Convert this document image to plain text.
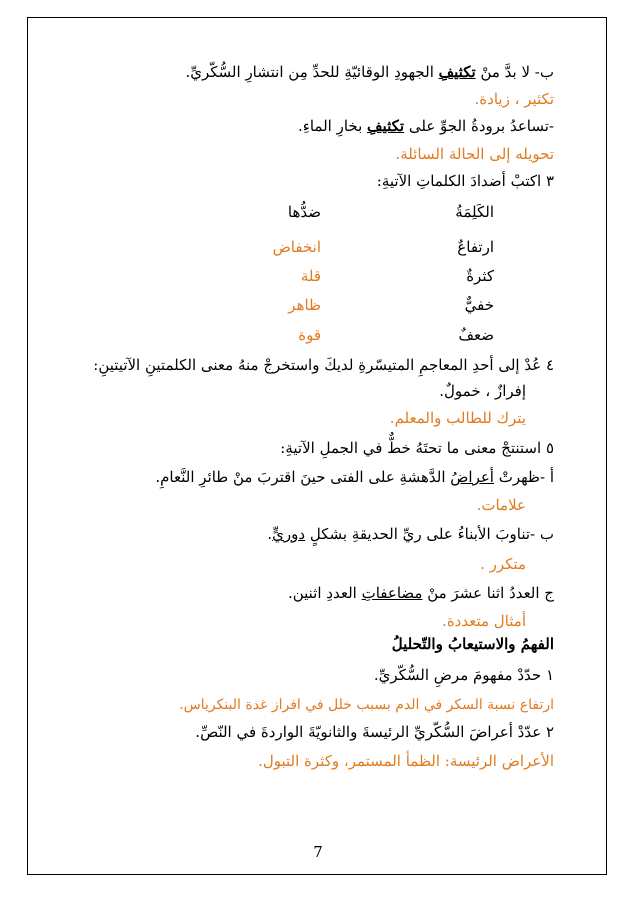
ب- لا بدَّ منْ تكثيفِ الجهودِ الوقائيّةِ للحدِّ مِن انتشارِ السُّكّريِّ.
تكثير ، زيادة.
-تساعدُ برودةُ الجوِّ على تكثيفِ بخارِ الماءِ.
تحويله إلى الحالة السائلة.
٣ اكتبْ أضدادَ الكلماتِ الآتيةِ:
الكَلِمَةُ
ضدُّها
ارتفاعٌ
انخفاض
كثرةٌ
قلة
خفيٌّ
ظاهر
ضعفٌ
قوة
٤ عُدْ إلى أحدِ المعاجمِ المتيسّرةِ لديكَ واستخرجْ منهُ معنى الكلمتينِ الآتيتينِ:
إفرازٌ ، خمولٌ.
يترك للطالب والمعلم.
٥ استنتجْ معنى ما تحتَهُ خطٌّ في الجملِ الآتيةِ:
أ -ظهرتْ أعراضُ الدَّهشةِ على الفتى حينَ اقتربَ منْ طائرِ النَّعامِ.
علامات.
ب -تناوبَ الأبناءُ على ريِّ الحديقةِ بشكلٍ دوريٍّ.
متكرر .
ج العددُ اثنا عشرَ منْ مضاعفاتِ العددِ اثنين.
أمثال متعددة.
الفهمُ والاستيعابُ والتّحليلُ
١ حدّدْ مفهومَ مرضِ السُّكّريِّ.
ارتفاع نسبة السكر في الدم بسبب خلل في افراز غدة البنكرياس.
٢ عدّدْ أعراضَ السُّكّريِّ الرئيسةَ والثانويّةَ الواردةَ في النّصِّ.
الأعراض الرئيسة: الظمأ المستمر، وكثرة التبول.
7
